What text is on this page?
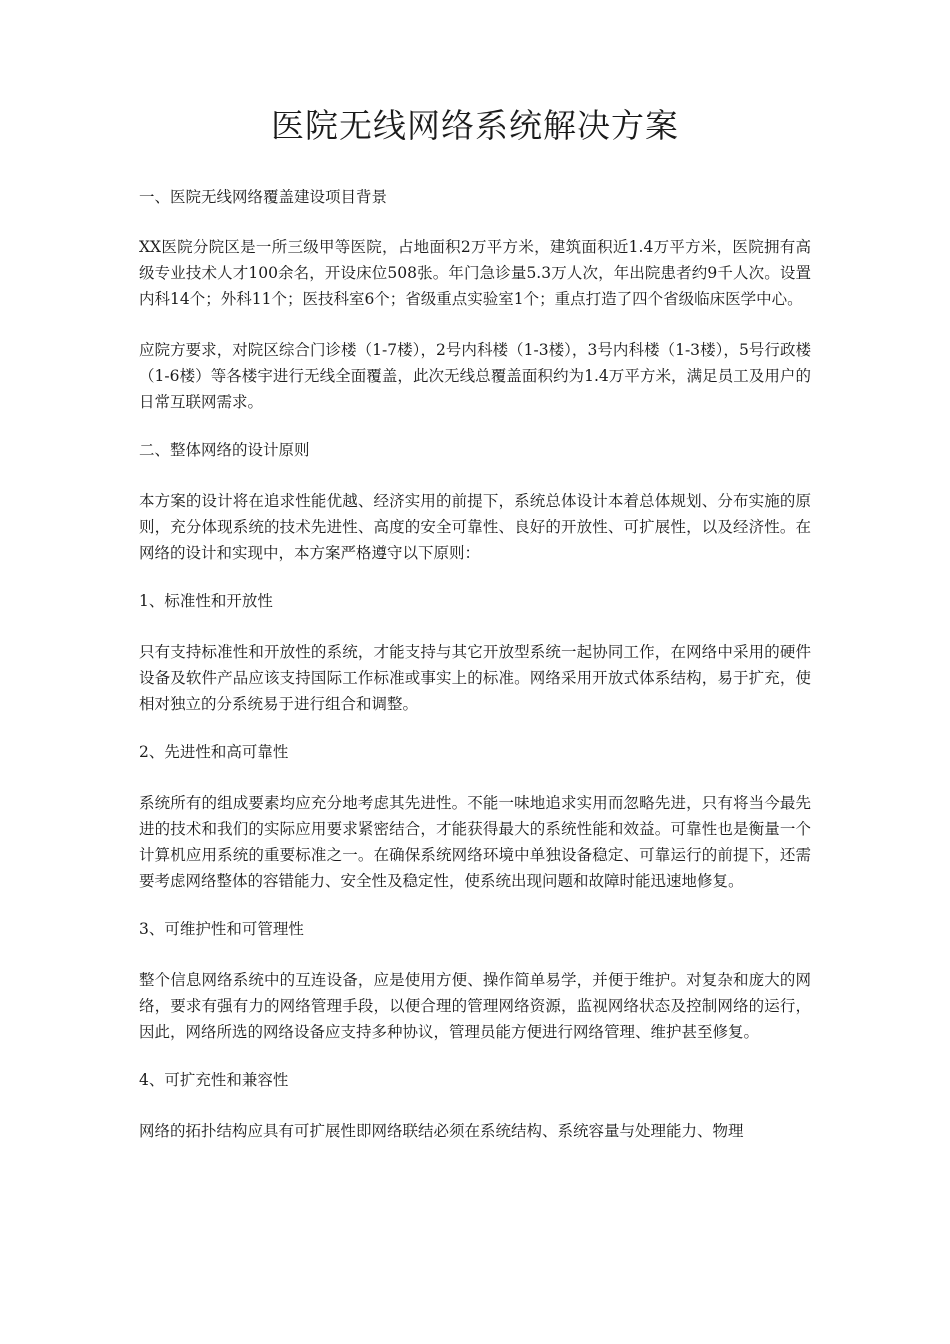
医院无线网络系统解决方案

一、医院无线网络覆盖建设项目背景

XX医院分院区是一所三级甲等医院，占地面积2万平方米，建筑面积近1.4万平方米，医院拥有高级专业技术人才100余名，开设床位508张。年门急诊量5.3万人次，年出院患者约9千人次。设置内科14个；外科11个；医技科室6个；省级重点实验室1个；重点打造了四个省级临床医学中心。

应院方要求，对院区综合门诊楼（1-7楼），2号内科楼（1-3楼），3号内科楼（1-3楼），5号行政楼（1-6楼）等各楼宇进行无线全面覆盖，此次无线总覆盖面积约为1.4万平方米，满足员工及用户的日常互联网需求。

二、整体网络的设计原则

本方案的设计将在追求性能优越、经济实用的前提下，系统总体设计本着总体规划、分布实施的原则，充分体现系统的技术先进性、高度的安全可靠性、良好的开放性、可扩展性，以及经济性。在网络的设计和实现中，本方案严格遵守以下原则：

1、标准性和开放性

只有支持标准性和开放性的系统，才能支持与其它开放型系统一起协同工作，在网络中采用的硬件设备及软件产品应该支持国际工作标准或事实上的标准。网络采用开放式体系结构，易于扩充，使相对独立的分系统易于进行组合和调整。

2、先进性和高可靠性

系统所有的组成要素均应充分地考虑其先进性。不能一味地追求实用而忽略先进，只有将当今最先进的技术和我们的实际应用要求紧密结合，才能获得最大的系统性能和效益。可靠性也是衡量一个计算机应用系统的重要标准之一。在确保系统网络环境中单独设备稳定、可靠运行的前提下，还需要考虑网络整体的容错能力、安全性及稳定性，使系统出现问题和故障时能迅速地修复。

3、可维护性和可管理性

整个信息网络系统中的互连设备，应是使用方便、操作简单易学，并便于维护。对复杂和庞大的网络，要求有强有力的网络管理手段，以便合理的管理网络资源，监视网络状态及控制网络的运行，因此，网络所选的网络设备应支持多种协议，管理员能方便进行网络管理、维护甚至修复。

4、可扩充性和兼容性

网络的拓扑结构应具有可扩展性即网络联结必须在系统结构、系统容量与处理能力、物理
